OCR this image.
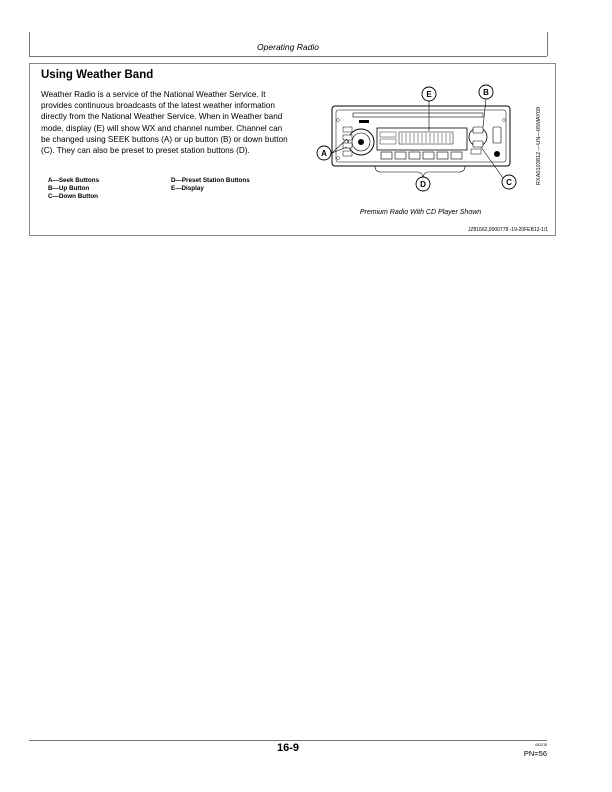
Operating Radio
Using Weather Band

Weather Radio is a service of the National Weather Service. It provides continuous broadcasts of the latest weather information directly from the National Weather Service. When in Weather band mode, display (E) will show WX and channel number. Channel can be changed using SEEK buttons (A) or up button (B) or down button (C). They can also be preset to preset station buttons (D).

A—Seek Buttons
B—Up Button
C—Down Button
D—Preset Station Buttons
E—Display
E	B
A
D	C	RXA0103812 —UN—05MAY09
Premium Radio With CD Player Shown
JZ81662,0000778 -19-20FEB12-1/1
16-9	051215
PN=56
